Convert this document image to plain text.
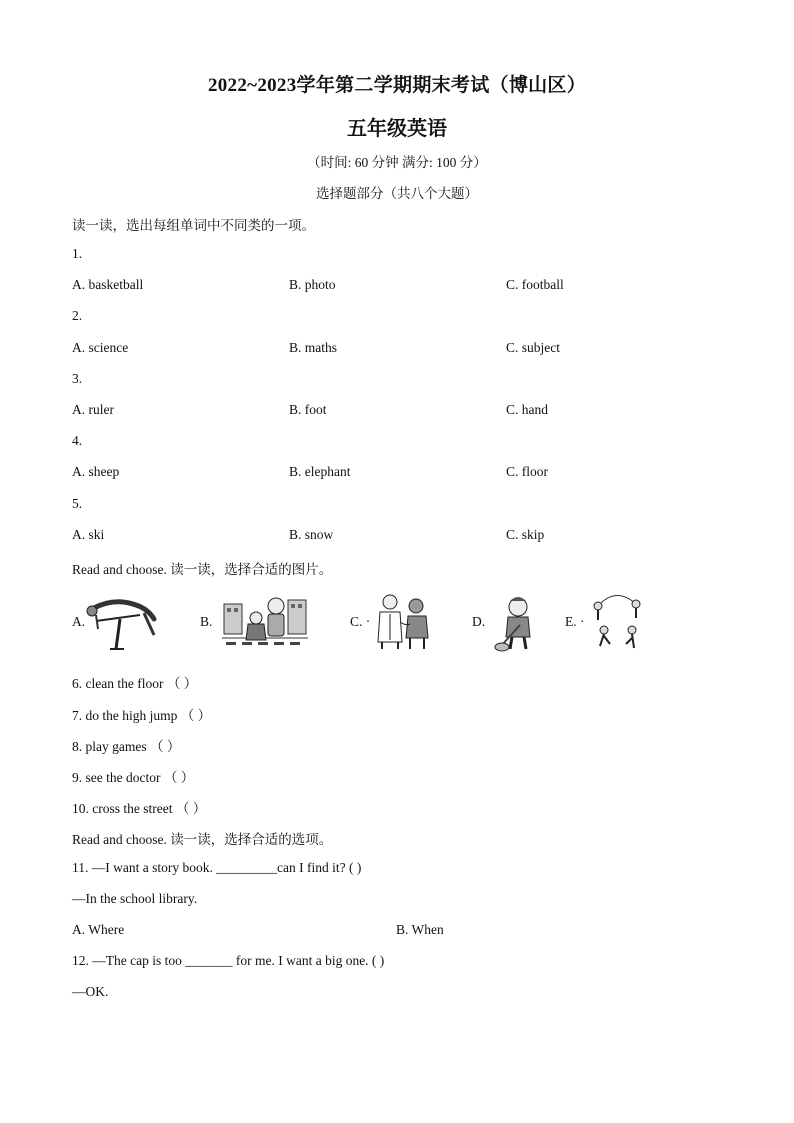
2022~2023学年第二学期期末考试（博山区）
五年级英语
（时间: 60 分钟 满分: 100 分）
选择题部分（共八个大题）
读一读，选出每组单词中不同类的一项。
1.
A. basketball	B. photo	C. football
2.
A. science	B. maths	C. subject
3.
A. ruler	B. foot	C. hand
4.
A. sheep	B. elephant	C. floor
5.
A. ski	B. snow	C. skip
Read and choose. 读一读，选择合适的图片。
A.	B.	C. ·	D.	E. ·
6. clean the floor （ ）
7. do the high jump （ ）
8. play games （ ）
9. see the doctor （ ）
10. cross the street （ ）
Read and choose. 读一读，选择合适的选项。
11. —I want a story book. _________can I find it? ( )
—In the school library.
A. Where	B. When
12. —The cap is too _______ for me. I want a big one. ( )
—OK.
